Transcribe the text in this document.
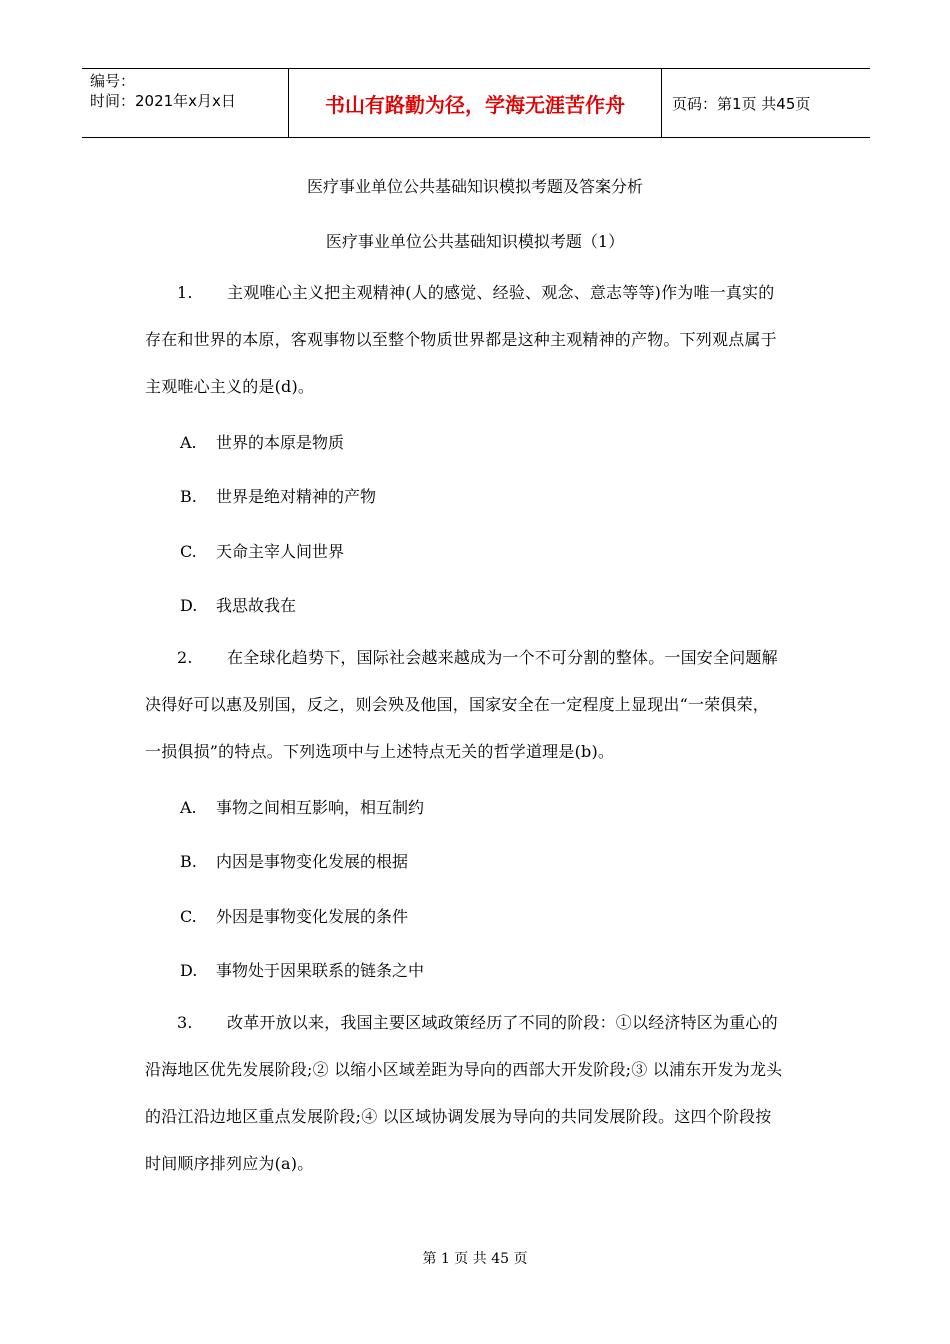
编号：
时间：2021年x月x日	书山有路勤为径，学海无涯苦作舟	页码：第1页 共45页
医疗事业单位公共基础知识模拟考题及答案分析
医疗事业单位公共基础知识模拟考题（1）
1. 主观唯心主义把主观精神(人的感觉、经验、观念、意志等等)作为唯一真实的
存在和世界的本原，客观事物以至整个物质世界都是这种主观精神的产物。下列观点属于
主观唯心主义的是(d)。
A. 世界的本原是物质
B. 世界是绝对精神的产物
C. 天命主宰人间世界
D. 我思故我在
2. 在全球化趋势下，国际社会越来越成为一个不可分割的整体。一国安全问题解
决得好可以惠及别国，反之，则会殃及他国，国家安全在一定程度上显现出“一荣俱荣，
一损俱损”的特点。下列选项中与上述特点无关的哲学道理是(b)。
A. 事物之间相互影响，相互制约
B. 内因是事物变化发展的根据
C. 外因是事物变化发展的条件
D. 事物处于因果联系的链条之中
3. 改革开放以来，我国主要区域政策经历了不同的阶段：①以经济特区为重心的
沿海地区优先发展阶段;② 以缩小区域差距为导向的西部大开发阶段;③ 以浦东开发为龙头
的沿江沿边地区重点发展阶段;④ 以区域协调发展为导向的共同发展阶段。这四个阶段按
时间顺序排列应为(a)。
第 1 页 共 45 页
